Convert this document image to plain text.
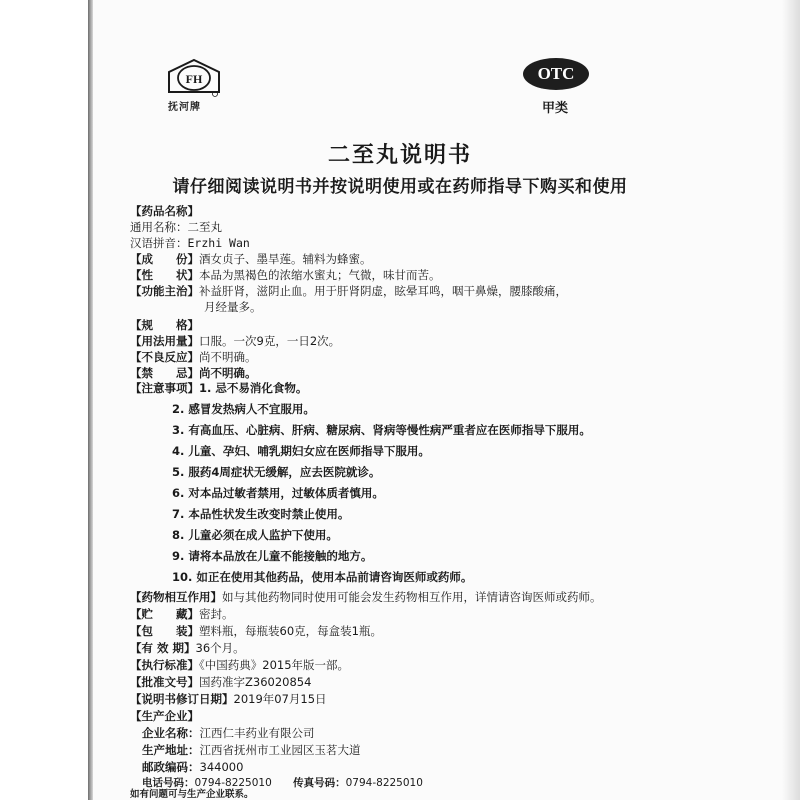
FH
抚河牌
OTC
甲类
二至丸说明书
请仔细阅读说明书并按说明使用或在药师指导下购买和使用
【药品名称】
通用名称：二至丸
汉语拼音：Erzhi Wan
【成　　份】酒女贞子、墨旱莲。辅料为蜂蜜。
【性　　状】本品为黑褐色的浓缩水蜜丸；气微，味甘而苦。
【功能主治】补益肝肾，滋阴止血。用于肝肾阴虚，眩晕耳鸣，咽干鼻燥，腰膝酸痛，
月经量多。
【规　　格】
【用法用量】口服。一次9克，一日2次。
【不良反应】尚不明确。
【禁　　忌】尚不明确。
【注意事项】1. 忌不易消化食物。
2. 感冒发热病人不宜服用。
3. 有高血压、心脏病、肝病、糖尿病、肾病等慢性病严重者应在医师指导下服用。
4. 儿童、孕妇、哺乳期妇女应在医师指导下服用。
5. 服药4周症状无缓解，应去医院就诊。
6. 对本品过敏者禁用，过敏体质者慎用。
7. 本品性状发生改变时禁止使用。
8. 儿童必须在成人监护下使用。
9. 请将本品放在儿童不能接触的地方。
10. 如正在使用其他药品，使用本品前请咨询医师或药师。
【药物相互作用】如与其他药物同时使用可能会发生药物相互作用，详情请咨询医师或药师。
【贮　　藏】密封。
【包　　装】塑料瓶，每瓶装60克，每盒装1瓶。
【有 效 期】36个月。
【执行标准】《中国药典》2015年版一部。
【批准文号】国药准字Z36020854
【说明书修订日期】2019年07月15日
【生产企业】
企业名称：江西仁丰药业有限公司
生产地址：江西省抚州市工业园区玉茗大道
邮政编码：344000
电话号码：0794-8225010 传真号码：0794-8225010
如有问题可与生产企业联系。
